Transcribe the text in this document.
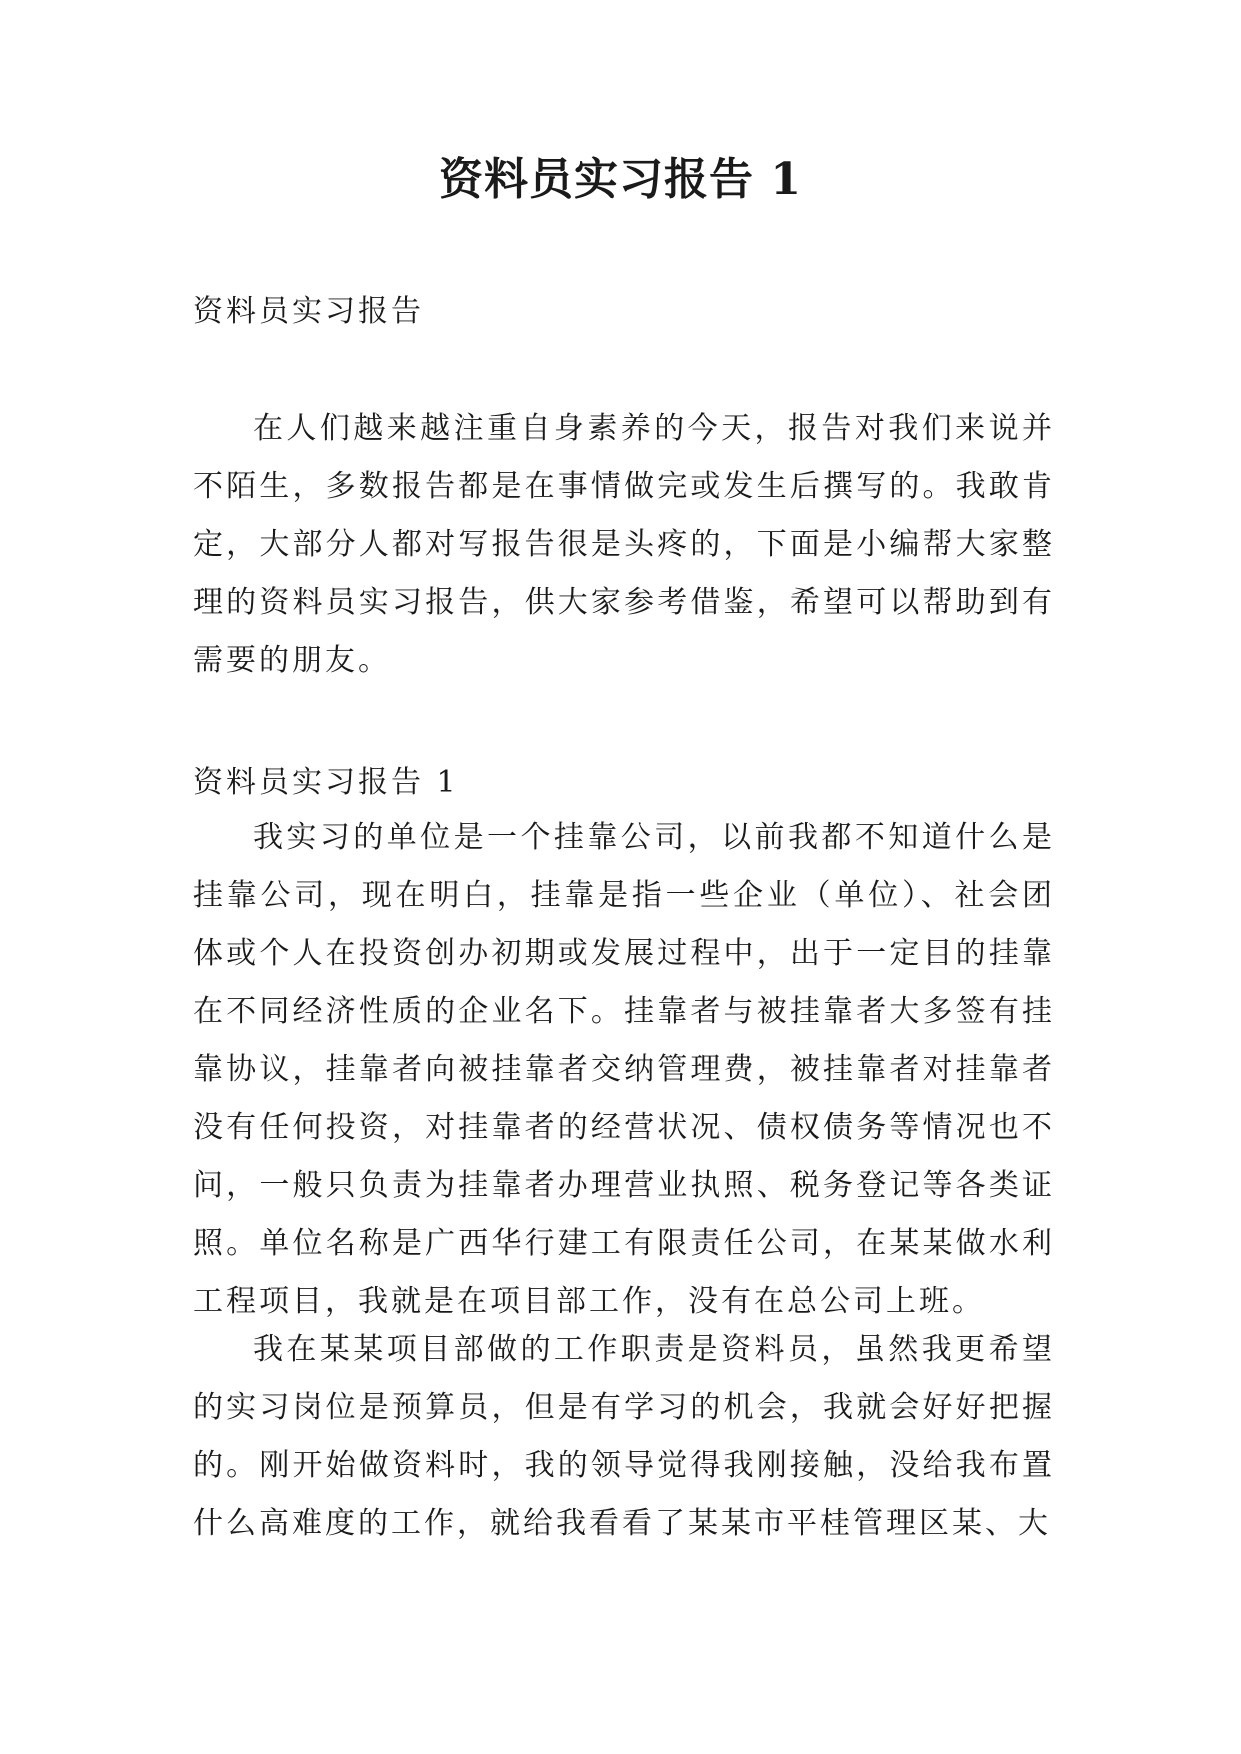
资料员实习报告 1

资料员实习报告

在人们越来越注重自身素养的今天，报告对我们来说并不陌生，多数报告都是在事情做完或发生后撰写的。我敢肯定，大部分人都对写报告很是头疼的，下面是小编帮大家整理的资料员实习报告，供大家参考借鉴，希望可以帮助到有需要的朋友。

资料员实习报告 1

我实习的单位是一个挂靠公司，以前我都不知道什么是挂靠公司，现在明白，挂靠是指一些企业（单位）、社会团体或个人在投资创办初期或发展过程中，出于一定目的挂靠在不同经济性质的企业名下。挂靠者与被挂靠者大多签有挂靠协议，挂靠者向被挂靠者交纳管理费，被挂靠者对挂靠者没有任何投资，对挂靠者的经营状况、债权债务等情况也不问，一般只负责为挂靠者办理营业执照、税务登记等各类证照。单位名称是广西华行建工有限责任公司，在某某做水利工程项目，我就是在项目部工作，没有在总公司上班。

我在某某项目部做的工作职责是资料员，虽然我更希望的实习岗位是预算员，但是有学习的机会，我就会好好把握的。刚开始做资料时，我的领导觉得我刚接触，没给我布置什么高难度的工作，就给我看看了某某市平桂管理区某、大
